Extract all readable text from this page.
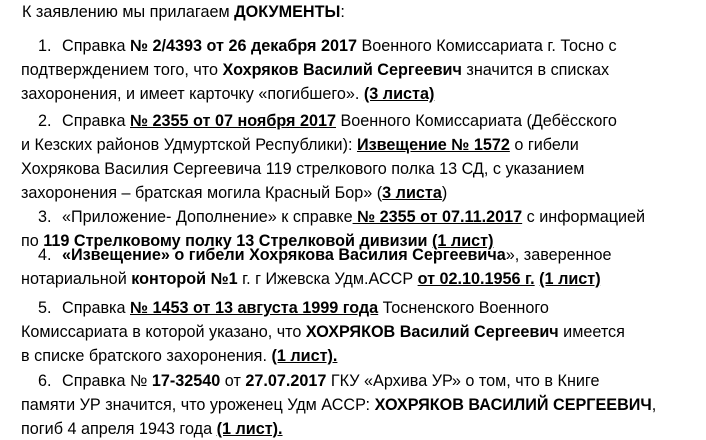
К заявлению мы прилагаем ДОКУМЕНТЫ:
1. Справка № 2/4393 от 26 декабря 2017 Военного Комиссариата г. Тосно с
подтверждением того, что Хохряков Василий Сергеевич значится в списках
захоронения, и имеет карточку «погибшего». (3 листа)
2. Справка № 2355 от 07 ноября 2017 Военного Комиссариата (Дебёсского
и Кезских районов Удмуртской Республики): Извещение № 1572 о гибели
Хохрякова Василия Сергеевича 119 стрелкового полка 13 СД, с указанием
захоронения – братская могила Красный Бор» (3 листа)
3. «Приложение- Дополнение» к справке № 2355 от 07.11.2017 с информацией
по 119 Стрелковому полку 13 Стрелковой дивизии (1 лист)
4. «Извещение» о гибели Хохрякова Василия Сергеевича», заверенное
нотариальной конторой №1 г. г Ижевска Удм.АССР от 02.10.1956 г. (1 лист)
5. Справка № 1453 от 13 августа 1999 года Тосненского Военного
Комиссариата в которой указано, что ХОХРЯКОВ Василий Сергеевич имеется
в списке братского захоронения. (1 лист).
6. Справка № 17-32540 от 27.07.2017 ГКУ «Архива УР» о том, что в Книге
памяти УР значится, что уроженец Удм АССР: ХОХРЯКОВ ВАСИЛИЙ СЕРГЕЕВИЧ,
погиб 4 апреля 1943 года (1 лист).
